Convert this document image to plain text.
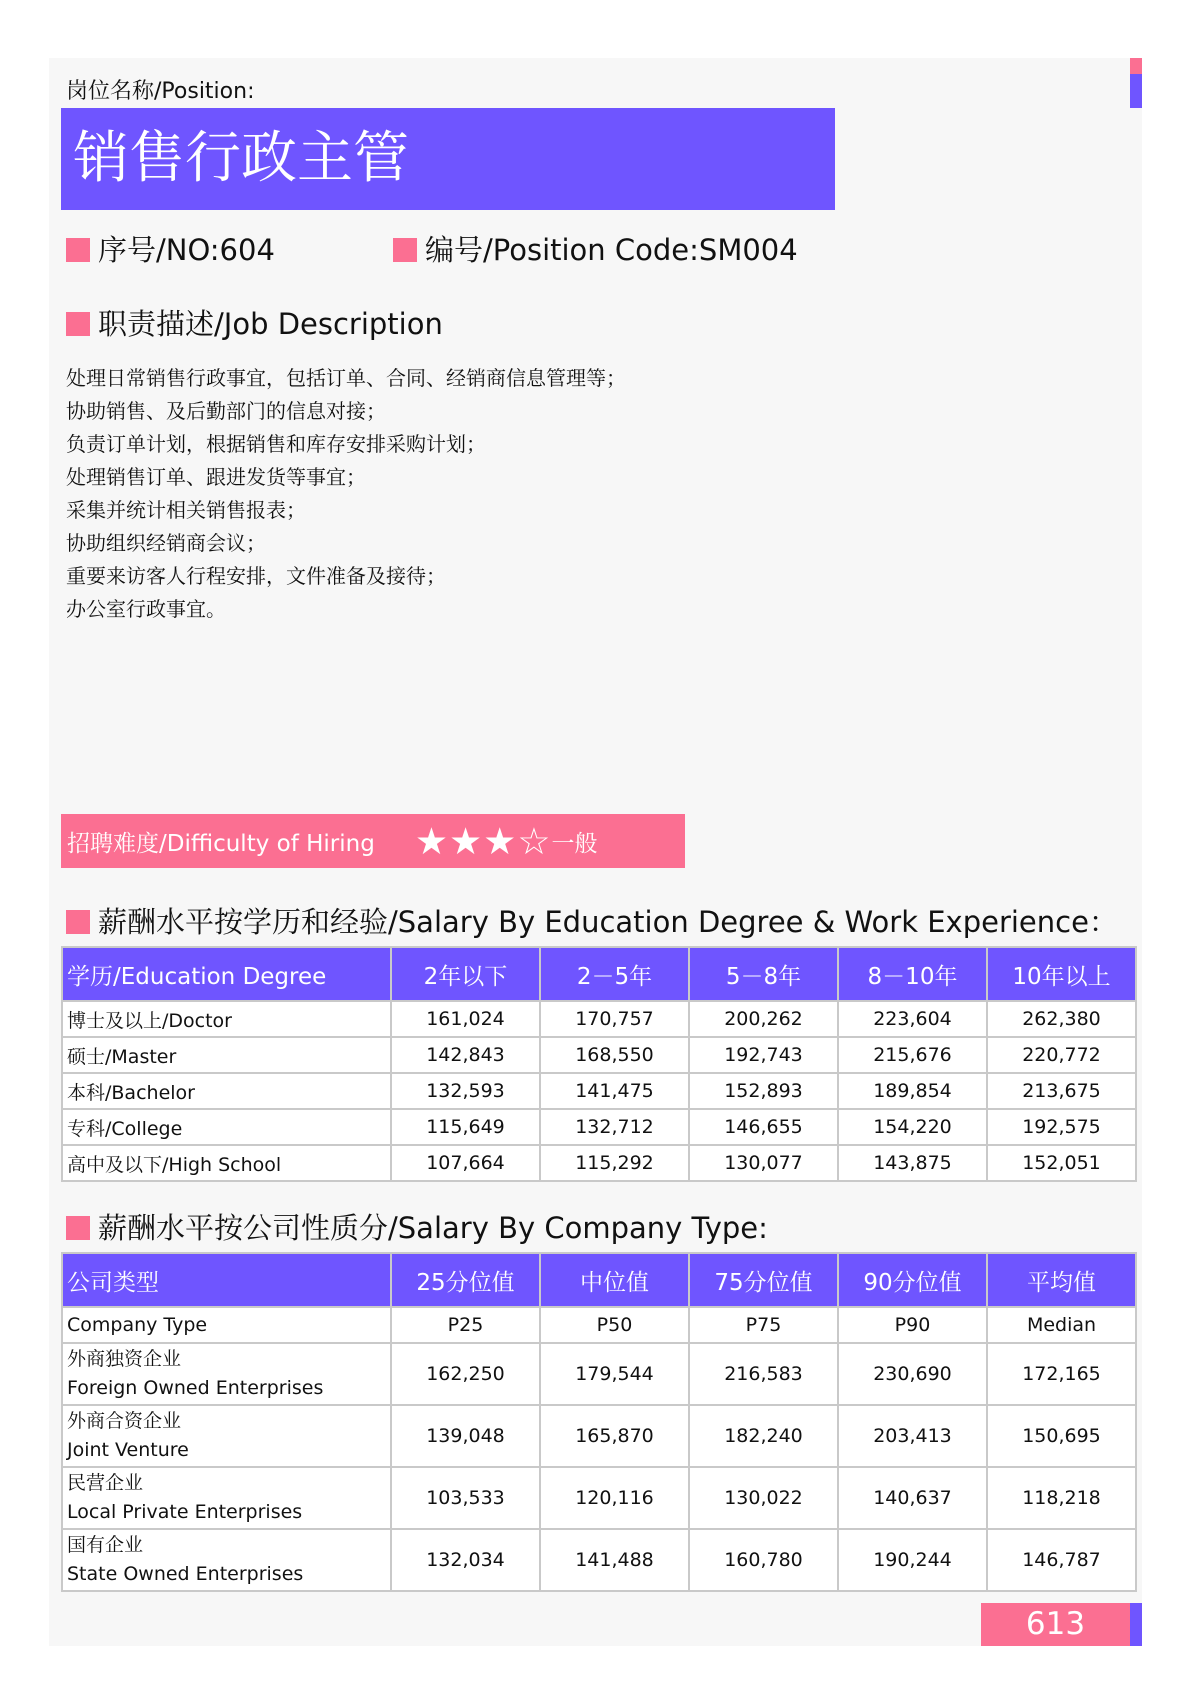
岗位名称/Position:
销售行政主管
序号/NO:604	编号/Position Code:SM004
职责描述/Job Description
处理日常销售行政事宜，包括订单、合同、经销商信息管理等；
协助销售、及后勤部门的信息对接；
负责订单计划，根据销售和库存安排采购计划；
处理销售订单、跟进发货等事宜；
采集并统计相关销售报表；
协助组织经销商会议；
重要来访客人行程安排，文件准备及接待；
办公室行政事宜。
招聘难度/Difficulty of Hiring ★★★☆ 一般
薪酬水平按学历和经验/Salary By Education Degree & Work Experience：
学历/Education Degree	2年以下	2－5年	5－8年	8－10年	10年以上
博士及以上/Doctor	161,024	170,757	200,262	223,604	262,380
硕士/Master	142,843	168,550	192,743	215,676	220,772
本科/Bachelor	132,593	141,475	152,893	189,854	213,675
专科/College	115,649	132,712	146,655	154,220	192,575
高中及以下/High School	107,664	115,292	130,077	143,875	152,051
薪酬水平按公司性质分/Salary By Company Type:
公司类型	25分位值	中位值	75分位值	90分位值	平均值
Company Type	P25	P50	P75	P90	Median

外商独资企业
Foreign Owned Enterprises	162,250	179,544	216,583	230,690	172,165

外商合资企业
Joint Venture	139,048	165,870	182,240	203,413	150,695

民营企业
Local Private Enterprises	103,533	120,116	130,022	140,637	118,218

国有企业
State Owned Enterprises	132,034	141,488	160,780	190,244	146,787
613
